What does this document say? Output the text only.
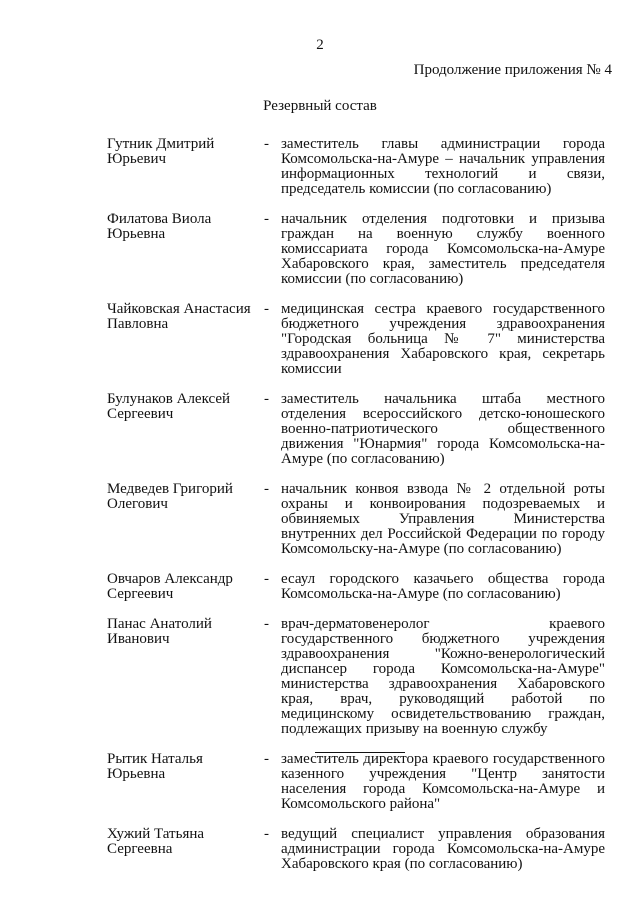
2
Продолжение приложения № 4
Резервный состав
Гутник Дмитрий
Юрьевич
- заместитель главы администрации города Комсомольска-на-Амуре – начальник управления информационных технологий и связи, председатель комиссии (по согласованию)
Филатова Виола
Юрьевна
- начальник отделения подготовки и призыва граждан на военную службу военного комиссариата города Комсомольска-на-Амуре Хабаровского края, заместитель председателя комиссии (по согласованию)
Чайковская Анастасия
Павловна
- медицинская сестра краевого государственного бюджетного учреждения здравоохранения "Городская больница № 7" министерства здравоохранения Хабаровского края, секретарь комиссии
Булунаков Алексей
Сергеевич
- заместитель начальника штаба местного отделения всероссийского детско-юношеского военно-патриотического общественного движения "Юнармия" города Комсомольска-на-Амуре (по согласованию)
Медведев Григорий
Олегович
- начальник конвоя взвода № 2 отдельной роты охраны и конвоирования подозреваемых и обвиняемых Управления Министерства внутренних дел Российской Федерации по городу Комсомольску-на-Амуре (по согласованию)
Овчаров Александр
Сергеевич
- есаул городского казачьего общества города Комсомольска-на-Амуре (по согласованию)
Панас Анатолий
Иванович
- врач-дерматовенеролог краевого государственного бюджетного учреждения здравоохранения "Кожно-венерологический диспансер города Комсомольска-на-Амуре" министерства здравоохранения Хабаровского края, врач, руководящий работой по медицинскому освидетельствованию граждан, подлежащих призыву на военную службу
Рытик Наталья
Юрьевна
- заместитель директора краевого государственного казенного учреждения "Центр занятости населения города Комсомольска-на-Амуре и Комсомольского района"
Хужий Татьяна
Сергеевна
- ведущий специалист управления образования администрации города Комсомольска-на-Амуре Хабаровского края (по согласованию)
